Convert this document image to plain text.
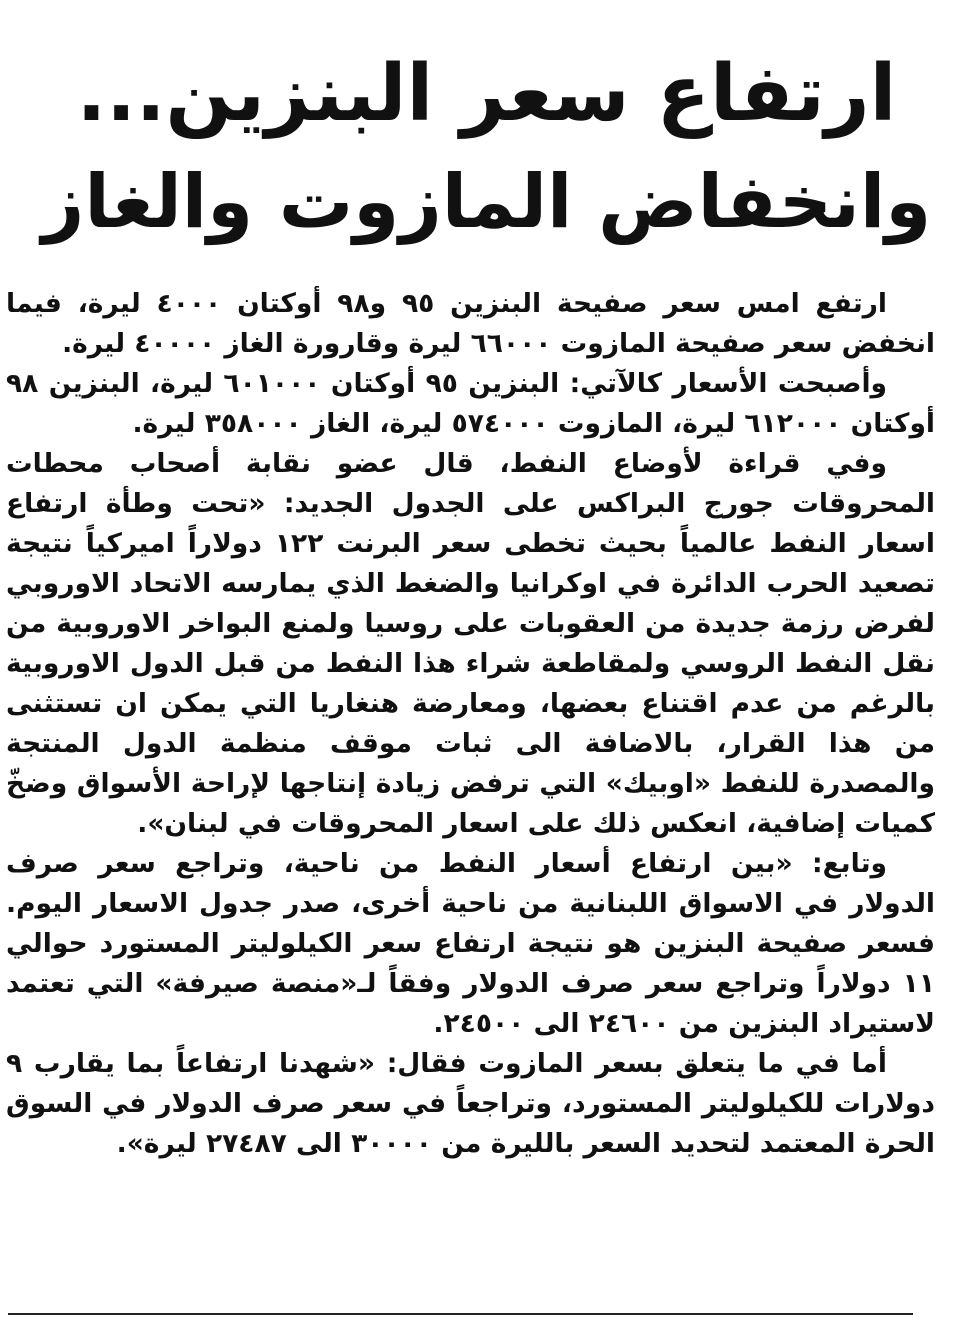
ارتفاع سعر البنزين...
وانخفاض المازوت والغاز

ارتفع امس سعر صفيحة البنزين ٩٥ و٩٨ أوكتان ٤٠٠٠ ليرة، فيما انخفض سعر صفيحة المازوت ٦٦٠٠٠ ليرة وقارورة الغاز ٤٠٠٠٠ ليرة.

وأصبحت الأسعار كالآتي: البنزين ٩٥ أوكتان ٦٠١٠٠٠ ليرة، البنزين ٩٨ أوكتان ٦١٢٠٠٠ ليرة، المازوت ٥٧٤٠٠٠ ليرة، الغاز ٣٥٨٠٠٠ ليرة.

وفي قراءة لأوضاع النفط، قال عضو نقابة أصحاب محطات المحروقات جورج البراكس على الجدول الجديد: «تحت وطأة ارتفاع اسعار النفط عالمياً بحيث تخطى سعر البرنت ١٢٢ دولاراً اميركياً نتيجة تصعيد الحرب الدائرة في اوكرانيا والضغط الذي يمارسه الاتحاد الاوروبي لفرض رزمة جديدة من العقوبات على روسيا ولمنع البواخر الاوروبية من نقل النفط الروسي ولمقاطعة شراء هذا النفط من قبل الدول الاوروبية بالرغم من عدم اقتناع بعضها، ومعارضة هنغاريا التي يمكن ان تستثنى من هذا القرار، بالاضافة الى ثبات موقف منظمة الدول المنتجة والمصدرة للنفط «اوبيك» التي ترفض زيادة إنتاجها لإراحة الأسواق وضخّ كميات إضافية، انعكس ذلك على اسعار المحروقات في لبنان».

وتابع: «بين ارتفاع أسعار النفط من ناحية، وتراجع سعر صرف الدولار في الاسواق اللبنانية من ناحية أخرى، صدر جدول الاسعار اليوم. فسعر صفيحة البنزين هو نتيجة ارتفاع سعر الكيلوليتر المستورد حوالي ١١ دولاراً وتراجع سعر صرف الدولار وفقاً لـ«منصة صيرفة» التي تعتمد لاستيراد البنزين من ٢٤٦٠٠ الى ٢٤٥٠٠.

أما في ما يتعلق بسعر المازوت فقال: «شهدنا ارتفاعاً بما يقارب ٩ دولارات للكيلوليتر المستورد، وتراجعاً في سعر صرف الدولار في السوق الحرة المعتمد لتحديد السعر بالليرة من ٣٠٠٠٠ الى ٢٧٤٨٧ ليرة».
